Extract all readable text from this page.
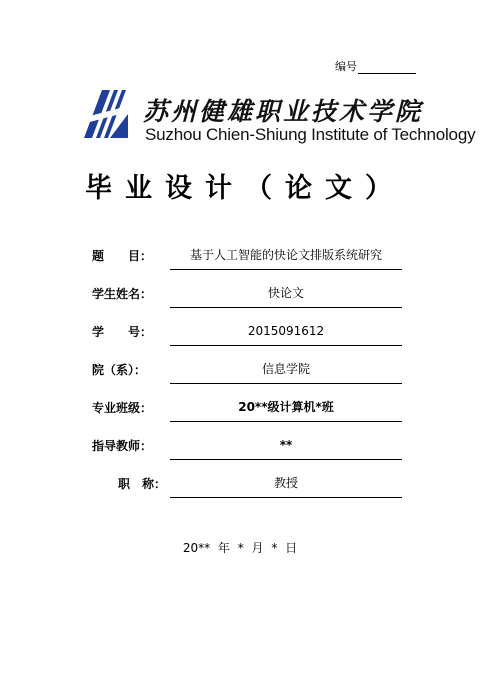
编号
苏州健雄职业技术学院
Suzhou Chien-Shiung Institute of Technology
毕业设计（论文）
题　　目：	基于人工智能的快论文排版系统研究
学生姓名：	快论文
学　　号：	2015091612
院（系）：	信息学院
专业班级：	20**级计算机*班
指导教师：	**
职　称：	教授
20** 年 * 月 * 日
